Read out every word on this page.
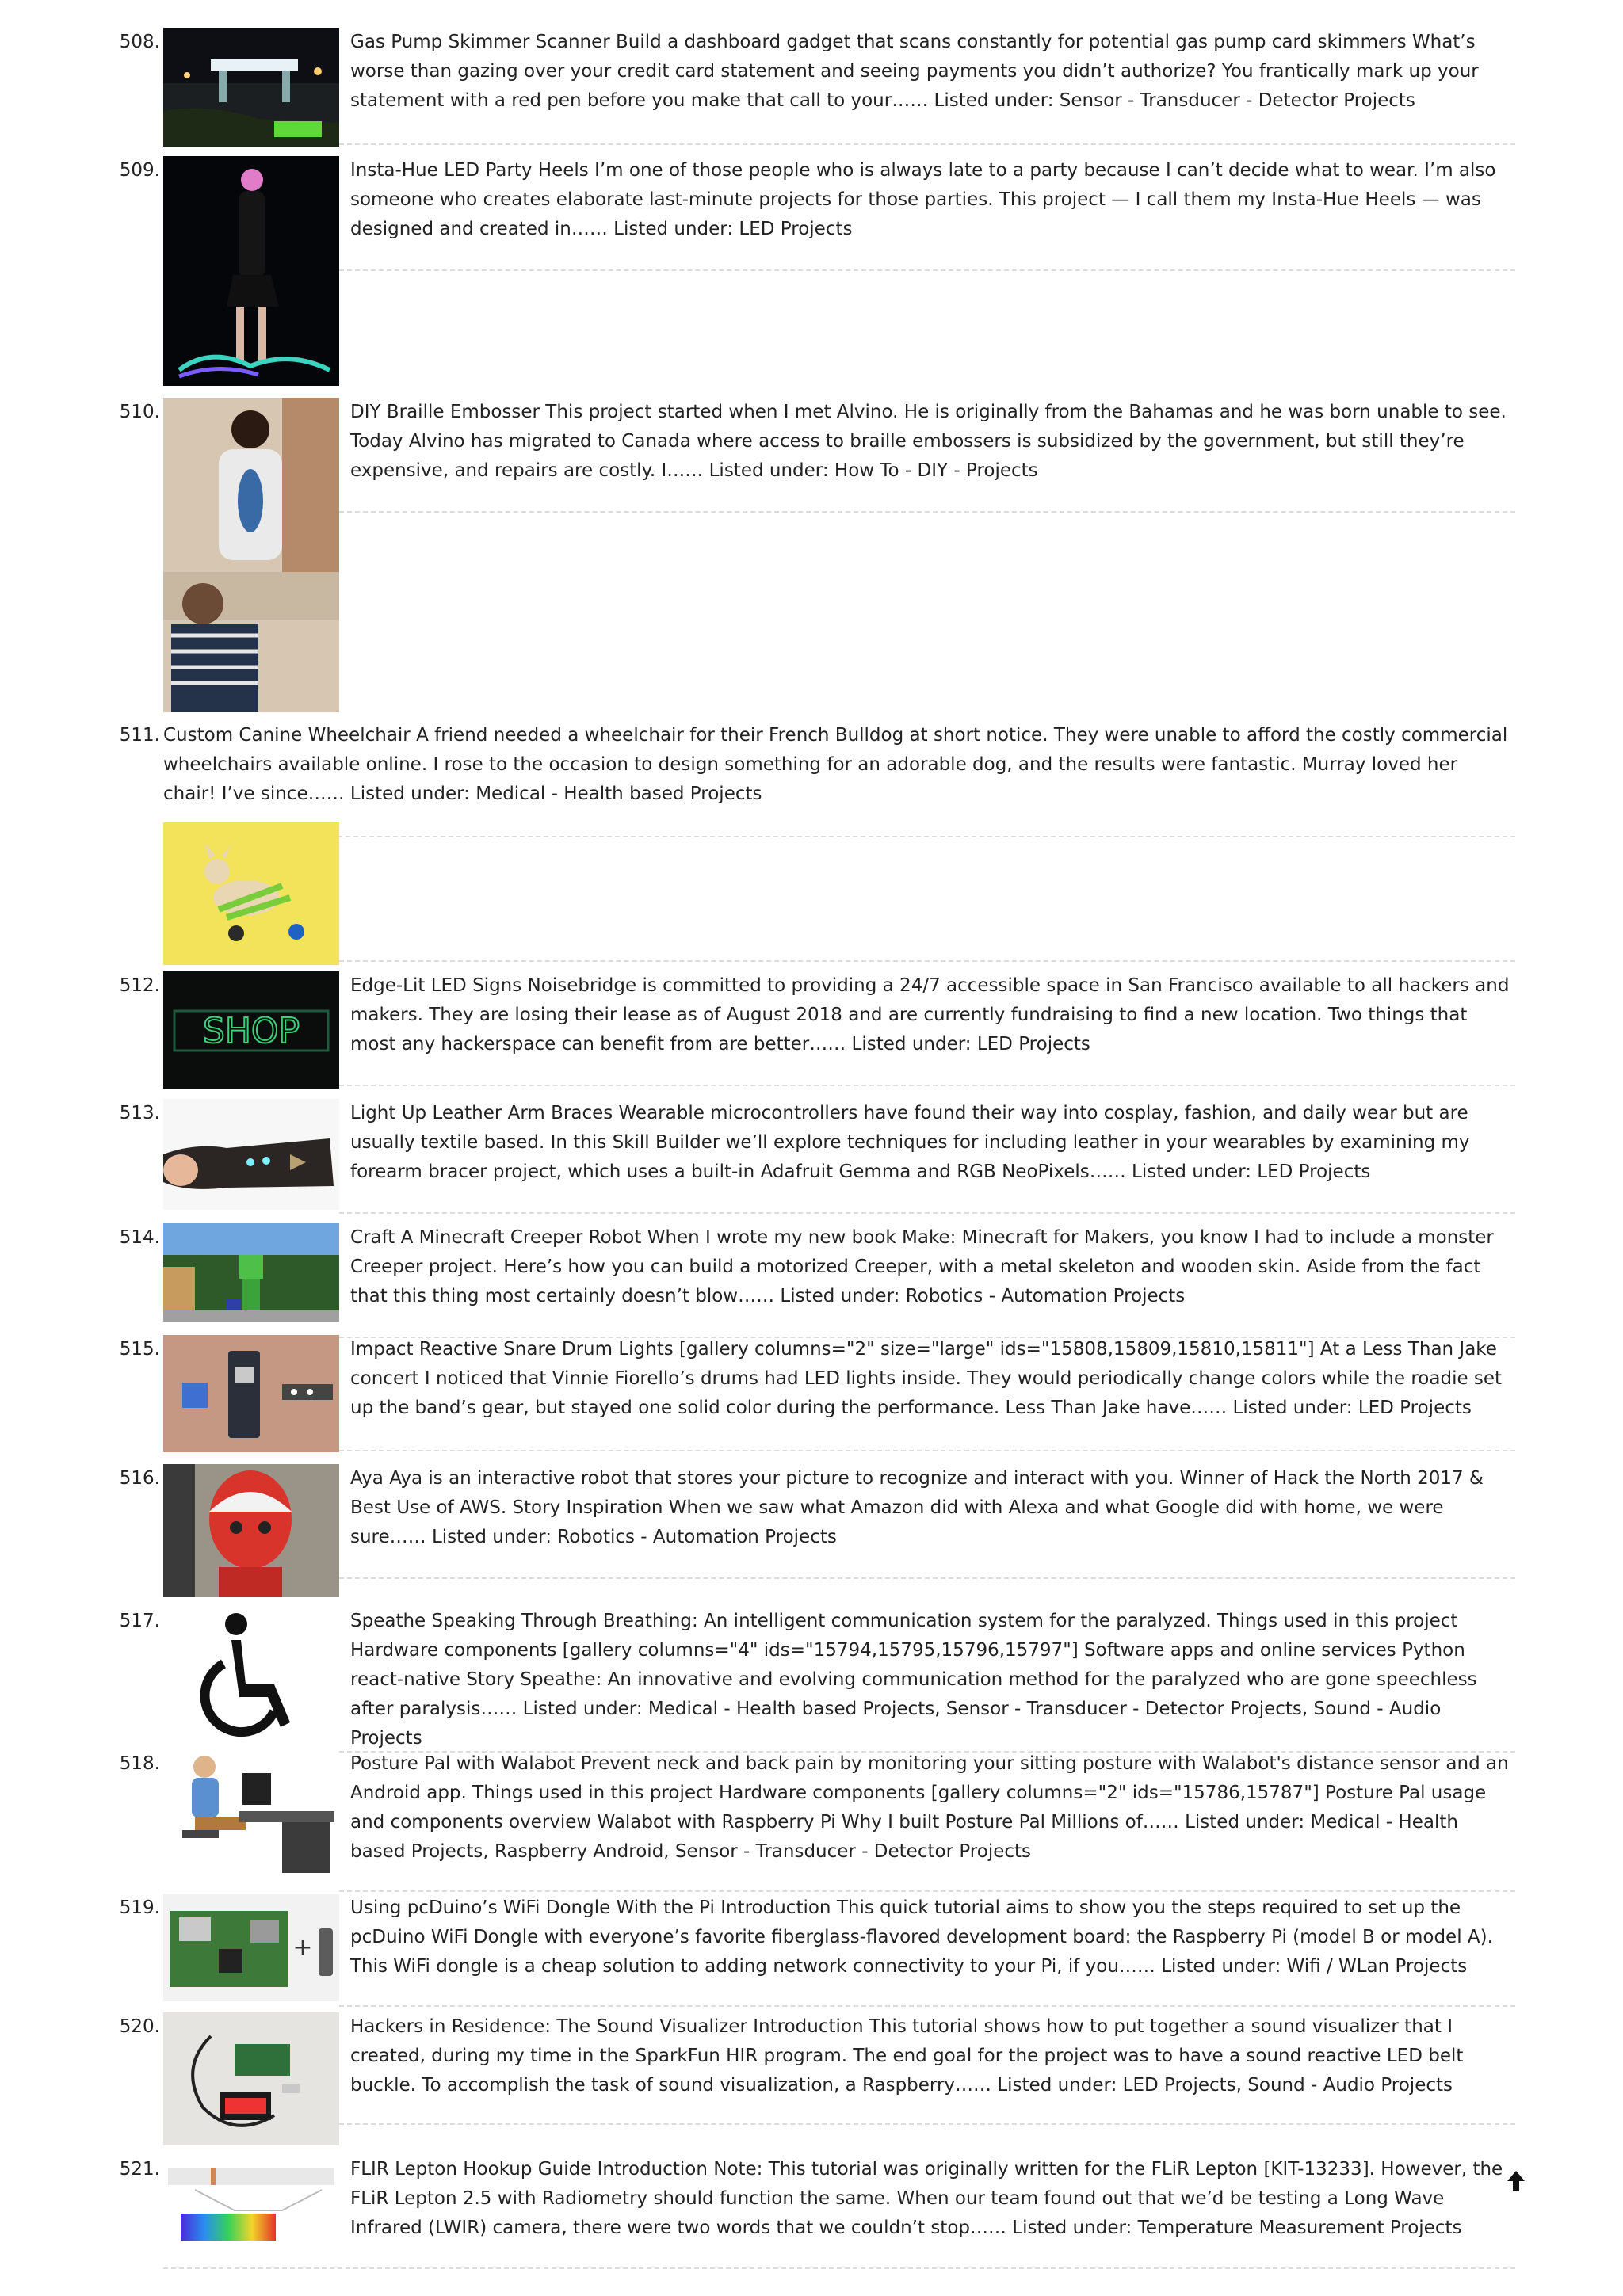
508.	Gas Pump Skimmer Scanner Build a dashboard gadget that scans constantly for potential gas pump card skimmers What’s worse than gazing over your credit card statement and seeing payments you didn’t authorize? You frantically mark up your statement with a red pen before you make that call to your…… Listed under: Sensor - Transducer - Detector Projects
509.	Insta-Hue LED Party Heels I’m one of those people who is always late to a party because I can’t decide what to wear. I’m also someone who creates elaborate last-minute projects for those parties. This project — I call them my Insta-Hue Heels — was designed and created in…… Listed under: LED Projects
510.	DIY Braille Embosser This project started when I met Alvino. He is originally from the Bahamas and he was born unable to see. Today Alvino has migrated to Canada where access to braille embossers is subsidized by the government, but still they’re expensive, and repairs are costly. I…… Listed under: How To - DIY - Projects
511. Custom Canine Wheelchair A friend needed a wheelchair for their French Bulldog at short notice. They were unable to afford the costly commercial wheelchairs available online. I rose to the occasion to design something for an adorable dog, and the results were fantastic. Murray loved her chair! I’ve since…… Listed under: Medical - Health based Projects
512.
SHOP
Edge-Lit LED Signs Noisebridge is committed to providing a 24/7 accessible space in San Francisco available to all hackers and makers. They are losing their lease as of August 2018 and are currently fundraising to find a new location. Two things that most any hackerspace can benefit from are better…… Listed under: LED Projects
513.	Light Up Leather Arm Braces Wearable microcontrollers have found their way into cosplay, fashion, and daily wear but are usually textile based. In this Skill Builder we’ll explore techniques for including leather in your wearables by examining my forearm bracer project, which uses a built-in Adafruit Gemma and RGB NeoPixels…… Listed under: LED Projects
514.	Craft A Minecraft Creeper Robot When I wrote my new book Make: Minecraft for Makers, you know I had to include a monster Creeper project. Here’s how you can build a motorized Creeper, with a metal skeleton and wooden skin. Aside from the fact that this thing most certainly doesn’t blow…… Listed under: Robotics - Automation Projects
515.	Impact Reactive Snare Drum Lights [gallery columns="2" size="large" ids="15808,15809,15810,15811"] At a Less Than Jake concert I noticed that Vinnie Fiorello’s drums had LED lights inside. They would periodically change colors while the roadie set up the band’s gear, but stayed one solid color during the performance. Less Than Jake have…… Listed under: LED Projects
516.	Aya Aya is an interactive robot that stores your picture to recognize and interact with you. Winner of Hack the North 2017 & Best Use of AWS. Story Inspiration When we saw what Amazon did with Alexa and what Google did with home, we were sure…… Listed under: Robotics - Automation Projects
517.	Speathe Speaking Through Breathing: An intelligent communication system for the paralyzed. Things used in this project Hardware components [gallery columns="4" ids="15794,15795,15796,15797"] Software apps and online services Python react-native Story Speathe: An innovative and evolving communication method for the paralyzed who are gone speechless after paralysis…… Listed under: Medical - Health based Projects, Sensor - Transducer - Detector Projects, Sound - Audio Projects
518.	Posture Pal with Walabot Prevent neck and back pain by monitoring your sitting posture with Walabot's distance sensor and an Android app. Things used in this project Hardware components [gallery columns="2" ids="15786,15787"] Posture Pal usage and components overview Walabot with Raspberry Pi Why I built Posture Pal Millions of…… Listed under: Medical - Health based Projects, Raspberry Android, Sensor - Transducer - Detector Projects
519.
+
Using pcDuino’s WiFi Dongle With the Pi Introduction This quick tutorial aims to show you the steps required to set up the pcDuino WiFi Dongle with everyone’s favorite fiberglass-flavored development board: the Raspberry Pi (model B or model A). This WiFi dongle is a cheap solution to adding network connectivity to your Pi, if you…… Listed under: Wifi / WLan Projects
520.	Hackers in Residence: The Sound Visualizer Introduction This tutorial shows how to put together a sound visualizer that I created, during my time in the SparkFun HIR program. The end goal for the project was to have a sound reactive LED belt buckle. To accomplish the task of sound visualization, a Raspberry…… Listed under: LED Projects, Sound - Audio Projects
521.	FLIR Lepton Hookup Guide Introduction Note: This tutorial was originally written for the FLiR Lepton [KIT-13233]. However, the FLiR Lepton 2.5 with Radiometry should function the same. When our team found out that we’d be testing a Long Wave Infrared (LWIR) camera, there were two words that we couldn’t stop…… Listed under: Temperature Measurement Projects
